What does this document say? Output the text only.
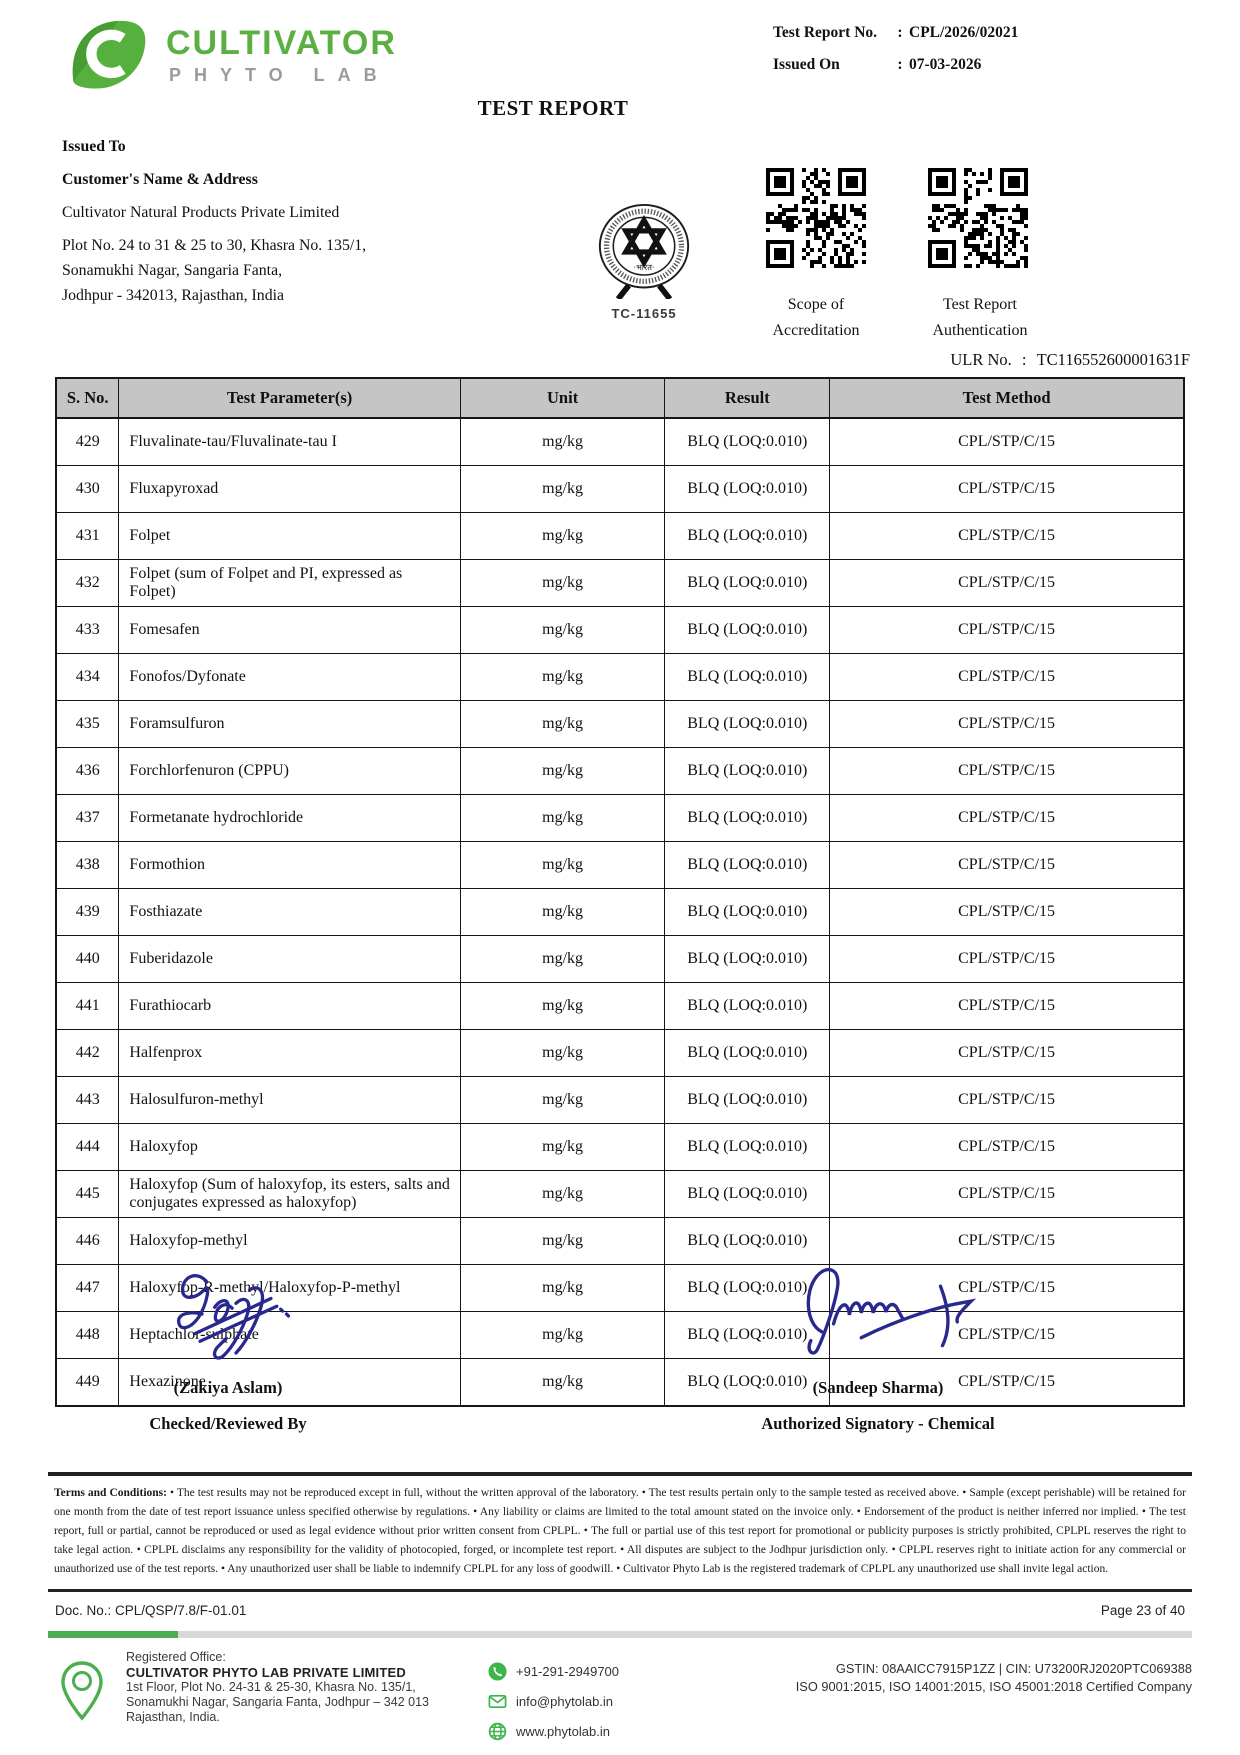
CULTIVATOR
PHYTO LAB
Test Report No.	: CPL/2026/02021
Issued On	: 07-03-2026
TEST REPORT
Issued To
Customer's Name & Address
Cultivator Natural Products Private Limited
Plot No. 24 to 31 & 25 to 30, Khasra No. 135/1,
Sonamukhi Nagar, Sangaria Fanta,
Jodhpur - 342013, Rajasthan, India
·भारत·
TC-11655
Scope of
Accreditation
Test Report
Authentication
ULR No. : TC116552600001631F
S. No.	Test Parameter(s)	Unit	Result	Test Method
429	Fluvalinate-tau/Fluvalinate-tau I	mg/kg	BLQ (LOQ:0.010)	CPL/STP/C/15
430	Fluxapyroxad	mg/kg	BLQ (LOQ:0.010)	CPL/STP/C/15
431	Folpet	mg/kg	BLQ (LOQ:0.010)	CPL/STP/C/15
432	Folpet (sum of Folpet and PI, expressed as Folpet)	mg/kg	BLQ (LOQ:0.010)	CPL/STP/C/15
433	Fomesafen	mg/kg	BLQ (LOQ:0.010)	CPL/STP/C/15
434	Fonofos/Dyfonate	mg/kg	BLQ (LOQ:0.010)	CPL/STP/C/15
435	Foramsulfuron	mg/kg	BLQ (LOQ:0.010)	CPL/STP/C/15
436	Forchlorfenuron (CPPU)	mg/kg	BLQ (LOQ:0.010)	CPL/STP/C/15
437	Formetanate hydrochloride	mg/kg	BLQ (LOQ:0.010)	CPL/STP/C/15
438	Formothion	mg/kg	BLQ (LOQ:0.010)	CPL/STP/C/15
439	Fosthiazate	mg/kg	BLQ (LOQ:0.010)	CPL/STP/C/15
440	Fuberidazole	mg/kg	BLQ (LOQ:0.010)	CPL/STP/C/15
441	Furathiocarb	mg/kg	BLQ (LOQ:0.010)	CPL/STP/C/15
442	Halfenprox	mg/kg	BLQ (LOQ:0.010)	CPL/STP/C/15
443	Halosulfuron-methyl	mg/kg	BLQ (LOQ:0.010)	CPL/STP/C/15
444	Haloxyfop	mg/kg	BLQ (LOQ:0.010)	CPL/STP/C/15
445	Haloxyfop (Sum of haloxyfop, its esters, salts and conjugates expressed as haloxyfop)	mg/kg	BLQ (LOQ:0.010)	CPL/STP/C/15
446	Haloxyfop-methyl	mg/kg	BLQ (LOQ:0.010)	CPL/STP/C/15
447	Haloxyfop-R-methyl/Haloxyfop-P-methyl	mg/kg	BLQ (LOQ:0.010)	CPL/STP/C/15
448	Heptachlor-sulphate	mg/kg	BLQ (LOQ:0.010)	CPL/STP/C/15
449	Hexazinone	mg/kg	BLQ (LOQ:0.010)	CPL/STP/C/15
(Zakiya Aslam)
Checked/Reviewed By
(Sandeep Sharma)
Authorized Signatory - Chemical
Terms and Conditions: • The test results may not be reproduced except in full, without the written approval of the laboratory. • The test results pertain only to the sample tested as received above. • Sample (except perishable) will be retained for one month from the date of test report issuance unless specified otherwise by regulations. • Any liability or claims are limited to the total amount stated on the invoice only. • Endorsement of the product is neither inferred nor implied. • The test report, full or partial, cannot be reproduced or used as legal evidence without prior written consent from CPLPL. • The full or partial use of this test report for promotional or publicity purposes is strictly prohibited, CPLPL reserves the right to take legal action. • CPLPL disclaims any responsibility for the validity of photocopied, forged, or incomplete test report. • All disputes are subject to the Jodhpur jurisdiction only. • CPLPL reserves right to initiate action for any commercial or unauthorized use of the test reports. • Any unauthorized user shall be liable to indemnify CPLPL for any loss of goodwill. • Cultivator Phyto Lab is the registered trademark of CPLPL any unauthorized use shall invite legal action.
Page 23 of 40
Doc. No.: CPL/QSP/7.8/F-01.01
Registered Office:
CULTIVATOR PHYTO LAB PRIVATE LIMITED
1st Floor, Plot No. 24-31 & 25-30, Khasra No. 135/1,
Sonamukhi Nagar, Sangaria Fanta, Jodhpur – 342 013
Rajasthan, India.
+91-291-2949700
info@phytolab.in
www.phytolab.in
GSTIN: 08AAICC7915P1ZZ | CIN: U73200RJ2020PTC069388
ISO 9001:2015, ISO 14001:2015, ISO 45001:2018 Certified Company
